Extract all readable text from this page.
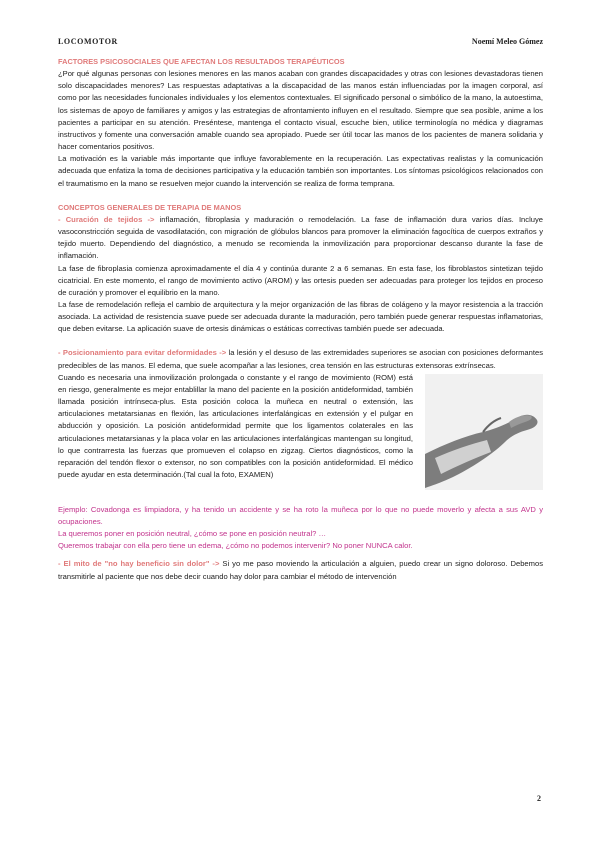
LOCOMOTOR	Noemí Meleo Gómez

FACTORES PSICOSOCIALES QUE AFECTAN LOS RESULTADOS TERAPÉUTICOS

¿Por qué algunas personas con lesiones menores en las manos acaban con grandes discapacidades y otras con lesiones devastadoras tienen solo discapacidades menores? Las respuestas adaptativas a la discapacidad de las manos están influenciadas por la imagen corporal, así como por las necesidades funcionales individuales y los elementos contextuales. El significado personal o simbólico de la mano, la autoestima, los sistemas de apoyo de familiares y amigos y las estrategias de afrontamiento influyen en el resultado. Siempre que sea posible, anime a los pacientes a participar en su atención. Preséntese, mantenga el contacto visual, escuche bien, utilice terminología no médica y diagramas instructivos y fomente una conversación amable cuando sea apropiado. Puede ser útil tocar las manos de los pacientes de manera solidaria y hacer comentarios positivos.

La motivación es la variable más importante que influye favorablemente en la recuperación. Las expectativas realistas y la comunicación adecuada que enfatiza la toma de decisiones participativa y la educación también son importantes. Los síntomas psicológicos relacionados con el traumatismo en la mano se resuelven mejor cuando la intervención se realiza de forma temprana.

CONCEPTOS GENERALES DE TERAPIA DE MANOS

- Curación de tejidos -> inflamación, fibroplasia y maduración o remodelación. La fase de inflamación dura varios días. Incluye vasoconstricción seguida de vasodilatación, con migración de glóbulos blancos para promover la eliminación fagocítica de cuerpos extraños y tejido muerto. Dependiendo del diagnóstico, a menudo se recomienda la inmovilización para proporcionar descanso durante la fase de inflamación.

La fase de fibroplasia comienza aproximadamente el día 4 y continúa durante 2 a 6 semanas. En esta fase, los fibroblastos sintetizan tejido cicatricial. En este momento, el rango de movimiento activo (AROM) y las ortesis pueden ser adecuadas para proteger los tejidos en proceso de curación y promover el equilibrio en la mano.

La fase de remodelación refleja el cambio de arquitectura y la mejor organización de las fibras de colágeno y la mayor resistencia a la tracción asociada. La actividad de resistencia suave puede ser adecuada durante la maduración, pero también puede generar respuestas inflamatorias, que deben evitarse. La aplicación suave de ortesis dinámicas o estáticas correctivas también puede ser adecuada.

- Posicionamiento para evitar deformidades -> la lesión y el desuso de las extremidades superiores se asocian con posiciones deformantes predecibles de las manos. El edema, que suele acompañar a las lesiones, crea tensión en las estructuras extensoras extrínsecas.

Cuando es necesaria una inmovilización prolongada o constante y el rango de movimiento (ROM) está en riesgo, generalmente es mejor entablillar la mano del paciente en la posición antideformidad, también llamada posición intrínseca-plus. Esta posición coloca la muñeca en neutral o extensión, las articulaciones metatarsianas en flexión, las articulaciones interfalángicas en extensión y el pulgar en abducción y oposición. La posición antideformidad permite que los ligamentos colaterales en las articulaciones metatarsianas y la placa volar en las articulaciones interfalángicas mantengan su longitud, lo que contrarresta las fuerzas que promueven el colapso en zigzag. Ciertos diagnósticos, como la reparación del tendón flexor o extensor, no son compatibles con la posición antideformidad. El médico puede ayudar en esta determinación.(Tal cual la foto, EXAMEN)

Ejemplo: Covadonga es limpiadora, y ha tenido un accidente y se ha roto la muñeca por lo que no puede moverlo y afecta a sus AVD y ocupaciones.

La queremos poner en posición neutral, ¿cómo se pone en posición neutral? …

Queremos trabajar con ella pero tiene un edema, ¿cómo no podemos intervenir? No poner NUNCA calor.

- El mito de "no hay beneficio sin dolor" -> Si yo me paso moviendo la articulación a alguien, puedo crear un signo doloroso. Debemos transmitirle al paciente que nos debe decir cuando hay dolor para cambiar el método de intervención

2
